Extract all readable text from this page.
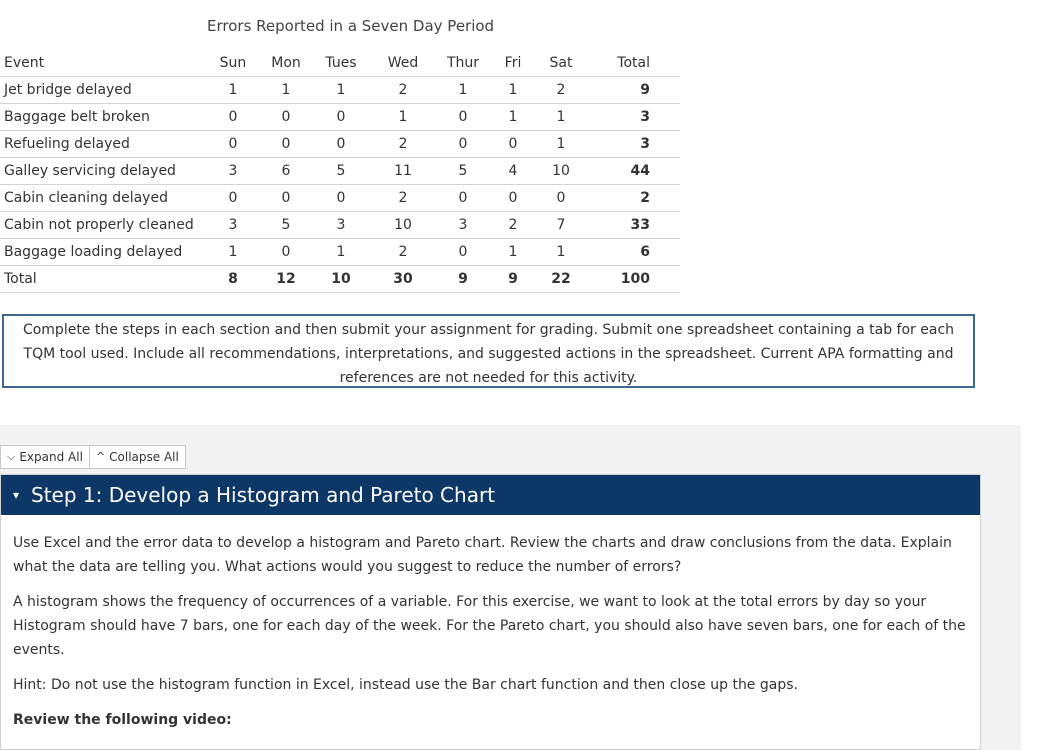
Errors Reported in a Seven Day Period
Event	Sun	Mon	Tues	Wed	Thur	Fri	Sat	Total
Jet bridge delayed	1	1	1	2	1	1	2	9
Baggage belt broken	0	0	0	1	0	1	1	3
Refueling delayed	0	0	0	2	0	0	1	3
Galley servicing delayed	3	6	5	11	5	4	10	44
Cabin cleaning delayed	0	0	0	2	0	0	0	2
Cabin not properly cleaned	3	5	3	10	3	2	7	33
Baggage loading delayed	1	0	1	2	0	1	1	6
Total	8	12	10	30	9	9	22	100
Complete the steps in each section and then submit your assignment for grading. Submit one spreadsheet containing a tab for each TQM tool used. Include all recommendations, interpretations, and suggested actions in the spreadsheet. Current APA formatting and references are not needed for this activity.
⌵ Expand All ^ Collapse All
▾ Step 1: Develop a Histogram and Pareto Chart

Use Excel and the error data to develop a histogram and Pareto chart. Review the charts and draw conclusions from the data. Explain what the data are telling you. What actions would you suggest to reduce the number of errors?

A histogram shows the frequency of occurrences of a variable. For this exercise, we want to look at the total errors by day so your Histogram should have 7 bars, one for each day of the week. For the Pareto chart, you should also have seven bars, one for each of the events.

Hint: Do not use the histogram function in Excel, instead use the Bar chart function and then close up the gaps.

Review the following video:
